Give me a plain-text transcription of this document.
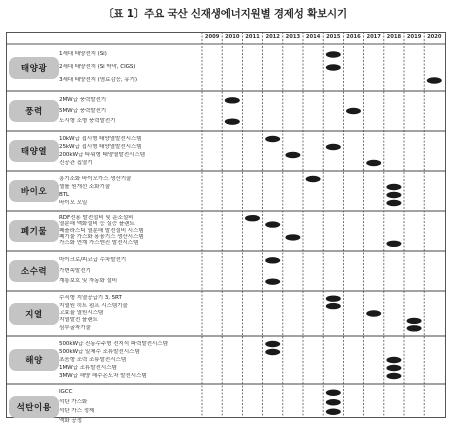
〔표 1〕주요 국산 신재생에너지원별 경제성 확보시기
2009 2010 2011 2012 2013 2014 2015 2016 2017 2018 2019 2020
태양광
1세대 태양전지 (Si)
2세대 태양전지 (Si 박막, CIGS)
3세대 태양전지 (염료감응, 유기)
풍력
2MW급 풍력발전기
5MW급 풍력발전기
도시형 소형 풍력발전기
태양열
10kW급 접시형 태양열발전시스템
25kW급 접시형 태양열발전시스템
200kW급 타워형 태양열발전시스템
진공관 집열기
바이오
흥기소화 바이오가스 생산기술
셀룰 원개선 소화기술
BTL
바이오 오일
폐기물
RDF전용 발전설비 및 운소설비
열분해 액화설비 등 실증 플랜트
폐플라스틱 열분해 발전설비 시스템
폐기물 가스화 용융기스 생산시스템
가스화 연계 가스엔진 발전시스템
소수력
마이크로/피코급 수차발전기
가변속발전기
계통보호 및 자동화 설비
지열
수직형 지열공급기 3, 5RT
지열원 히트 펌프 시스템기술
고효율 열원시스템
지열발전 플랜트
심부굴착기술
해양
500kW급 진동수주형 전지석 파력발전시스템
500kW급 일체수 조류발전시스템
초음형 조력 조류발전시스템
1MW급 조류발전시스템
3MW급 해양 해수온도차 발전시스템
석탄이용
IGCC
석탄 가스화
석탄 가스 정제
액화 공정
